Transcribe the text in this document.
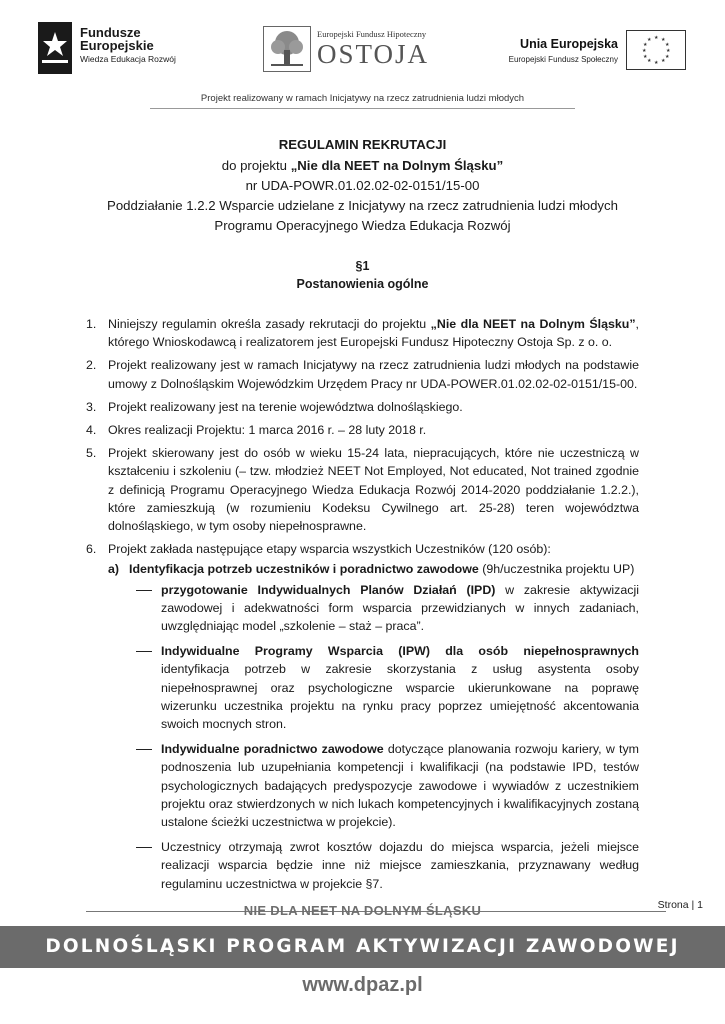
Fundusze
Europejskie
Wiedza Edukacja Rozwój
Europejski Fundusz Hipoteczny
OSTOJA	Unia Europejska
Europejski Fundusz Społeczny
★ ★
★
★
★
★
★
★
★
★
★
★
Projekt realizowany w ramach Inicjatywy na rzecz zatrudnienia ludzi młodych
REGULAMIN REKRUTACJI
do projektu „Nie dla NEET na Dolnym Śląsku”
nr UDA-POWR.01.02.02-02-0151/15-00
Poddziałanie 1.2.2 Wsparcie udzielane z Inicjatywy na rzecz zatrudnienia ludzi młodych
Programu Operacyjnego Wiedza Edukacja Rozwój
§1
Postanowienia ogólne
1. Niniejszy regulamin określa zasady rekrutacji do projektu „Nie dla NEET na Dolnym Śląsku”, którego Wnioskodawcą i realizatorem jest Europejski Fundusz Hipoteczny Ostoja Sp. z o. o.
2. Projekt realizowany jest w ramach Inicjatywy na rzecz zatrudnienia ludzi młodych na podstawie umowy z Dolnośląskim Wojewódzkim Urzędem Pracy nr UDA-POWER.01.02.02-02-0151/15-00.
3. Projekt realizowany jest na terenie województwa dolnośląskiego.
4. Okres realizacji Projektu: 1 marca 2016 r. – 28 luty 2018 r.
5. Projekt skierowany jest do osób w wieku 15-24 lata, niepracujących, które nie uczestniczą w kształceniu i szkoleniu (– tzw. młodzież NEET Not Employed, Not educated, Not trained zgodnie z definicją Programu Operacyjnego Wiedza Edukacja Rozwój 2014-2020 poddziałanie 1.2.2.), które zamieszkują (w rozumieniu Kodeksu Cywilnego art. 25-28) teren województwa dolnośląskiego, w tym osoby niepełnosprawne.
6. Projekt zakłada następujące etapy wsparcia wszystkich Uczestników (120 osób):
a) Identyfikacja potrzeb uczestników i poradnictwo zawodowe (9h/uczestnika projektu UP)
przygotowanie Indywidualnych Planów Działań (IPD) w zakresie aktywizacji zawodowej i adekwatności form wsparcia przewidzianych w innych zadaniach, uwzględniając model „szkolenie – staż – praca”.
Indywidualne Programy Wsparcia (IPW) dla osób niepełnosprawnych identyfikacja potrzeb w zakresie skorzystania z usług asystenta osoby niepełnosprawnej oraz psychologiczne wsparcie ukierunkowane na poprawę wizerunku uczestnika projektu na rynku pracy poprzez umiejętność akcentowania swoich mocnych stron.
Indywidualne poradnictwo zawodowe dotyczące planowania rozwoju kariery, w tym podnoszenia lub uzupełniania kompetencji i kwalifikacji (na podstawie IPD, testów psychologicznych badających predyspozycje zawodowe i wywiadów z uczestnikiem projektu oraz stwierdzonych w nich lukach kompetencyjnych i kwalifikacyjnych zostaną ustalone ścieżki uczestnictwa w projekcie).
Uczestnicy otrzymają zwrot kosztów dojazdu do miejsca wsparcia, jeżeli miejsce realizacji wsparcia będzie inne niż miejsce zamieszkania, przyznawany według regulaminu uczestnictwa w projekcie §7.
Strona | 1
NIE DLA NEET NA DOLNYM ŚLĄSKU
DOLNOŚLĄSKI PROGRAM AKTYWIZACJI ZAWODOWEJ
www.dpaz.pl
